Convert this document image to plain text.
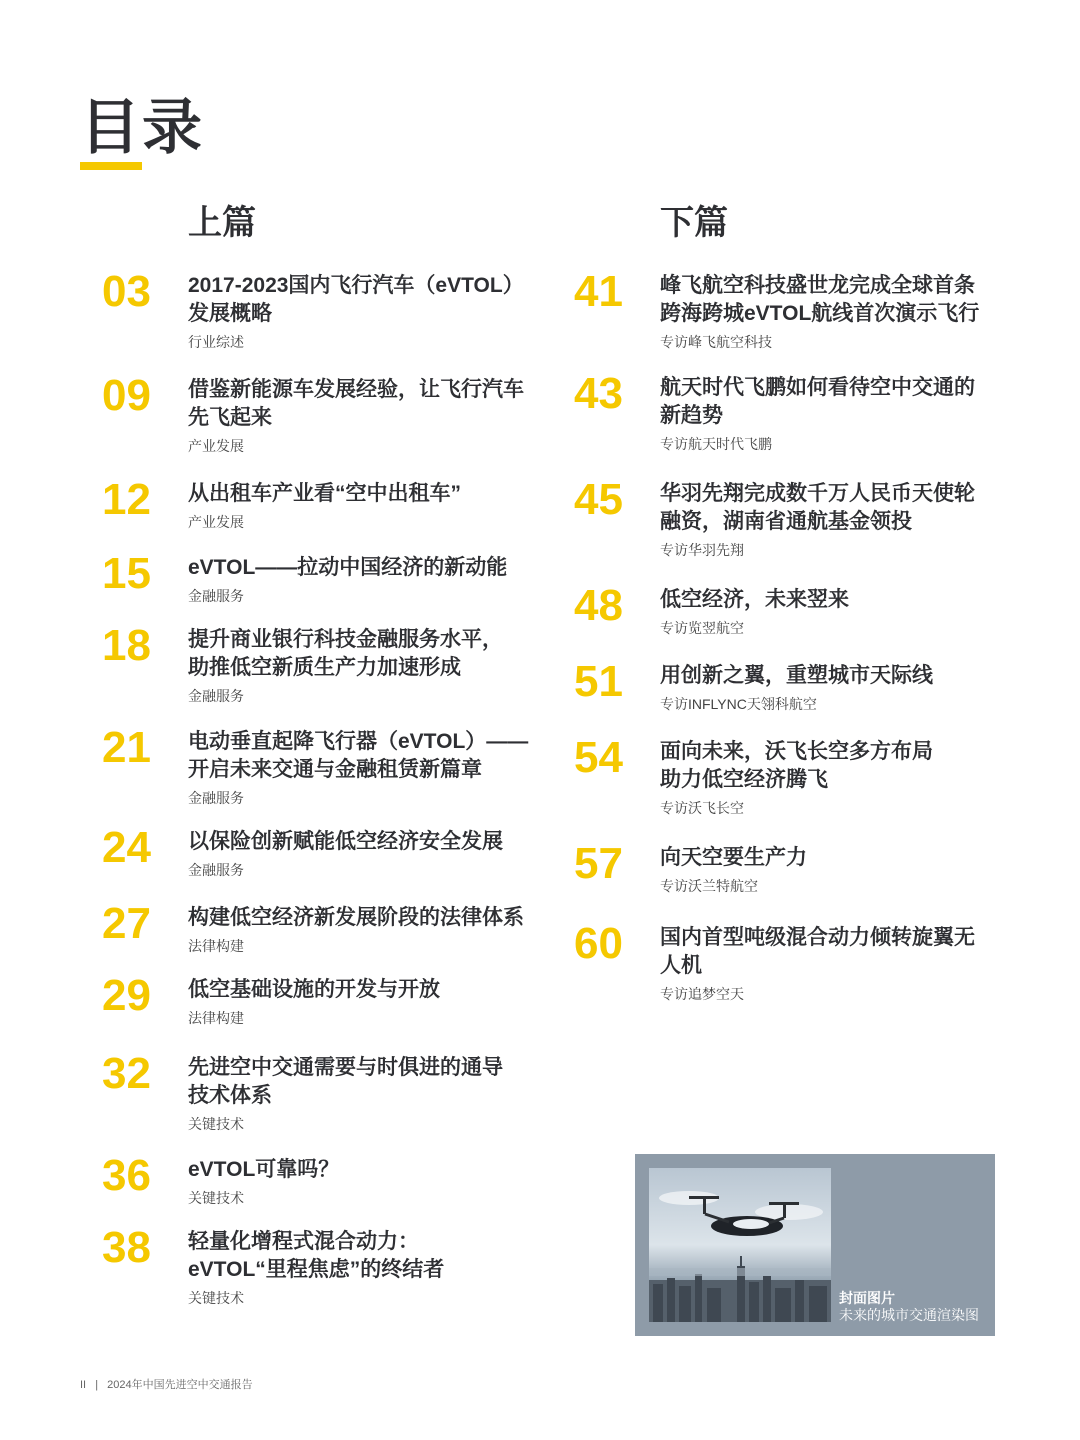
目录
上篇	下篇
03	2017-2023国内飞行汽车（eVTOL）
发展概略
行业综述
09	借鉴新能源车发展经验，让飞行汽车
先飞起来
产业发展
12	从出租车产业看“空中出租车”
产业发展
15	eVTOL——拉动中国经济的新动能
金融服务
18	提升商业银行科技金融服务水平，
助推低空新质生产力加速形成
金融服务
21	电动垂直起降飞行器（eVTOL）——
开启未来交通与金融租赁新篇章
金融服务
24	以保险创新赋能低空经济安全发展
金融服务
27	构建低空经济新发展阶段的法律体系
法律构建
29	低空基础设施的开发与开放
法律构建
32	先进空中交通需要与时俱进的通导
技术体系
关键技术
36	eVTOL可靠吗？
关键技术
38	轻量化增程式混合动力：
eVTOL“里程焦虑”的终结者
关键技术
41	峰飞航空科技盛世龙完成全球首条
跨海跨城eVTOL航线首次演示飞行
专访峰飞航空科技
43	航天时代飞鹏如何看待空中交通的
新趋势
专访航天时代飞鹏
45	华羽先翔完成数千万人民币天使轮
融资，湖南省通航基金领投
专访华羽先翔
48	低空经济，未来翌来
专访览翌航空
51	用创新之翼，重塑城市天际线
专访INFLYNC天翎科航空
54	面向未来，沃飞长空多方布局
助力低空经济腾飞
专访沃飞长空
57	向天空要生产力
专访沃兰特航空
60	国内首型吨级混合动力倾转旋翼无
人机
专访追梦空天
封面图片
未来的城市交通渲染图
II | 2024年中国先进空中交通报告
